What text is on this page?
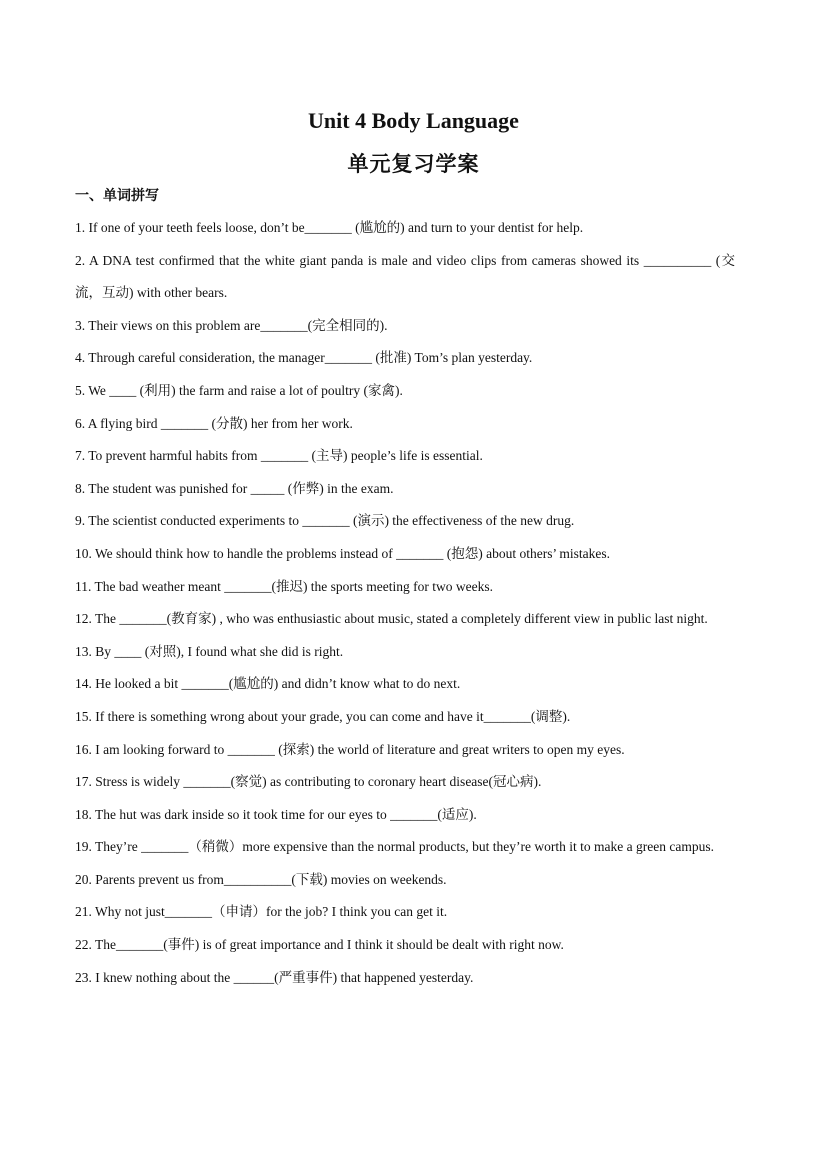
Unit 4 Body Language
单元复习学案
一、单词拼写
1. If one of your teeth feels loose, don’t be_______ (尴尬的) and turn to your dentist for help.
2. A DNA test confirmed that the white giant panda is male and video clips from cameras showed its __________ (交流，互动) with other bears.
3. Their views on this problem are_______(完全相同的).
4. Through careful consideration, the manager_______ (批准) Tom’s plan yesterday.
5. We ____ (利用) the farm and raise a lot of poultry (家禽).
6. A flying bird _______ (分散) her from her work.
7. To prevent harmful habits from _______ (主导) people’s life is essential.
8. The student was punished for _____ (作弊) in the exam.
9. The scientist conducted experiments to _______ (演示) the effectiveness of the new drug.
10. We should think how to handle the problems instead of _______ (抱怨) about others’ mistakes.
11. The bad weather meant _______(推迟) the sports meeting for two weeks.
12. The _______(教育家) , who was enthusiastic about music, stated a completely different view in public last night.
13. By ____ (对照), I found what she did is right.
14. He looked a bit _______(尴尬的) and didn’t know what to do next.
15. If there is something wrong about your grade, you can come and have it_______(调整).
16. I am looking forward to _______ (探索) the world of literature and great writers to open my eyes.
17. Stress is widely _______(察觉) as contributing to coronary heart disease(冠心病).
18. The hut was dark inside so it took time for our eyes to _______(适应).
19. They’re _______（稍微）more expensive than the normal products, but they’re worth it to make a green campus.
20. Parents prevent us from__________(下载) movies on weekends.
21. Why not just_______（申请）for the job? I think you can get it.
22. The_______(事件) is of great importance and I think it should be dealt with right now.
23. I knew nothing about the ______(严重事件) that happened yesterday.
